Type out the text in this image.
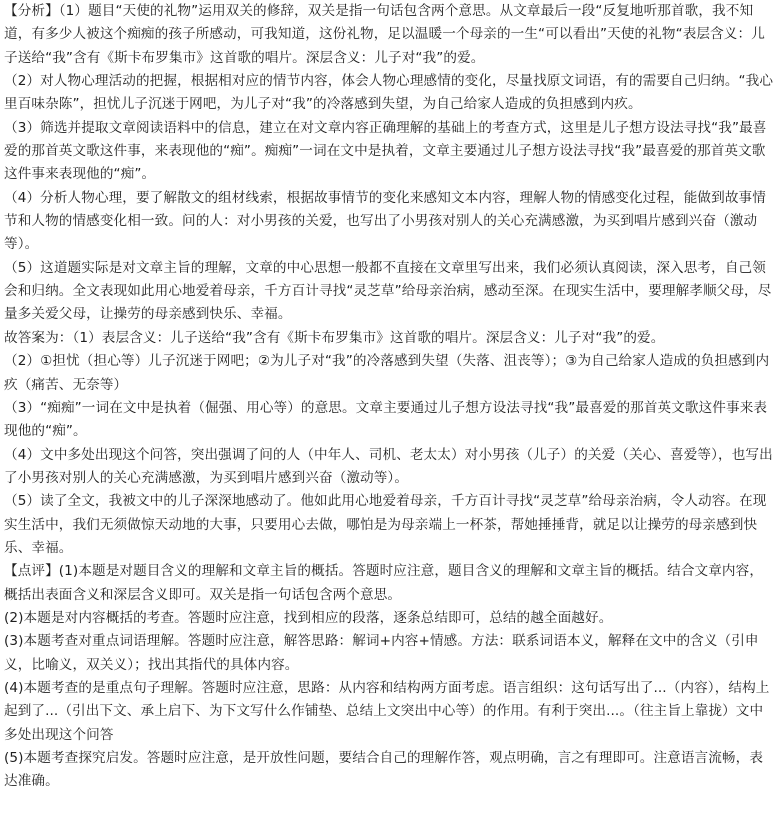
【分析】（1）题目“天使的礼物”运用双关的修辞，双关是指一句话包含两个意思。从文章最后一段“反复地听那首歌，我不知道，有多少人被这个痴痴的孩子所感动，可我知道，这份礼物，足以温暖一个母亲的一生“可以看出”天使的礼物“表层含义：儿子送给“我”含有《斯卡布罗集市》这首歌的唱片。深层含义：儿子对“我”的爱。

（2）对人物心理活动的把握，根据相对应的情节内容，体会人物心理感情的变化，尽量找原文词语，有的需要自己归纳。“我心里百味杂陈”，担忧儿子沉迷于网吧，为儿子对“我”的冷落感到失望，为自己给家人造成的负担感到内疚。

（3）筛选并提取文章阅读语料中的信息，建立在对文章内容正确理解的基础上的考查方式，这里是儿子想方设法寻找“我”最喜爱的那首英文歌这件事，来表现他的“痴”。痴痴”一词在文中是执着，文章主要通过儿子想方设法寻找“我”最喜爱的那首英文歌这件事来表现他的“痴”。

（4）分析人物心理，要了解散文的组材线索，根据故事情节的变化来感知文本内容，理解人物的情感变化过程，能做到故事情节和人物的情感变化相一致。问的人：对小男孩的关爱，也写出了小男孩对别人的关心充满感激，为买到唱片感到兴奋（激动等）。

（5）这道题实际是对文章主旨的理解，文章的中心思想一般都不直接在文章里写出来，我们必须认真阅读，深入思考，自己领会和归纳。全文表现如此用心地爱着母亲，千方百计寻找“灵芝草”给母亲治病，感动至深。在现实生活中，要理解孝顺父母，尽量多关爱父母，让操劳的母亲感到快乐、幸福。

故答案为：（1）表层含义：儿子送给“我”含有《斯卡布罗集市》这首歌的唱片。深层含义：儿子对“我”的爱。

（2）①担忧（担心等）儿子沉迷于网吧；②为儿子对“我”的冷落感到失望（失落、沮丧等）；③为自己给家人造成的负担感到内疚（痛苦、无奈等）

（3）“痴痴”一词在文中是执着（倔强、用心等）的意思。文章主要通过儿子想方设法寻找“我”最喜爱的那首英文歌这件事来表现他的“痴”。

（4）文中多处出现这个问答，突出强调了问的人（中年人、司机、老太太）对小男孩（儿子）的关爱（关心、喜爱等），也写出了小男孩对别人的关心充满感激，为买到唱片感到兴奋（激动等）。

（5）读了全文，我被文中的儿子深深地感动了。他如此用心地爱着母亲，千方百计寻找“灵芝草”给母亲治病，令人动容。在现实生活中，我们无须做惊天动地的大事，只要用心去做，哪怕是为母亲端上一杯茶，帮她捶捶背，就足以让操劳的母亲感到快乐、幸福。

【点评】(1)本题是对题目含义的理解和文章主旨的概括。答题时应注意，题目含义的理解和文章主旨的概括。结合文章内容，概括出表面含义和深层含义即可。双关是指一句话包含两个意思。

(2)本题是对内容概括的考查。答题时应注意，找到相应的段落，逐条总结即可，总结的越全面越好。

(3)本题考查对重点词语理解。答题时应注意，解答思路：解词+内容+情感。方法：联系词语本义，解释在文中的含义（引申义，比喻义，双关义）；找出其指代的具体内容。

(4)本题考查的是重点句子理解。答题时应注意，思路：从内容和结构两方面考虑。语言组织：这句话写出了...（内容），结构上起到了...（引出下文、承上启下、为下文写什么作铺垫、总结上文突出中心等）的作用。有利于突出...。（往主旨上靠拢）文中多处出现这个问答

(5)本题考查探究启发。答题时应注意，是开放性问题，要结合自己的理解作答，观点明确，言之有理即可。注意语言流畅，表达准确。
